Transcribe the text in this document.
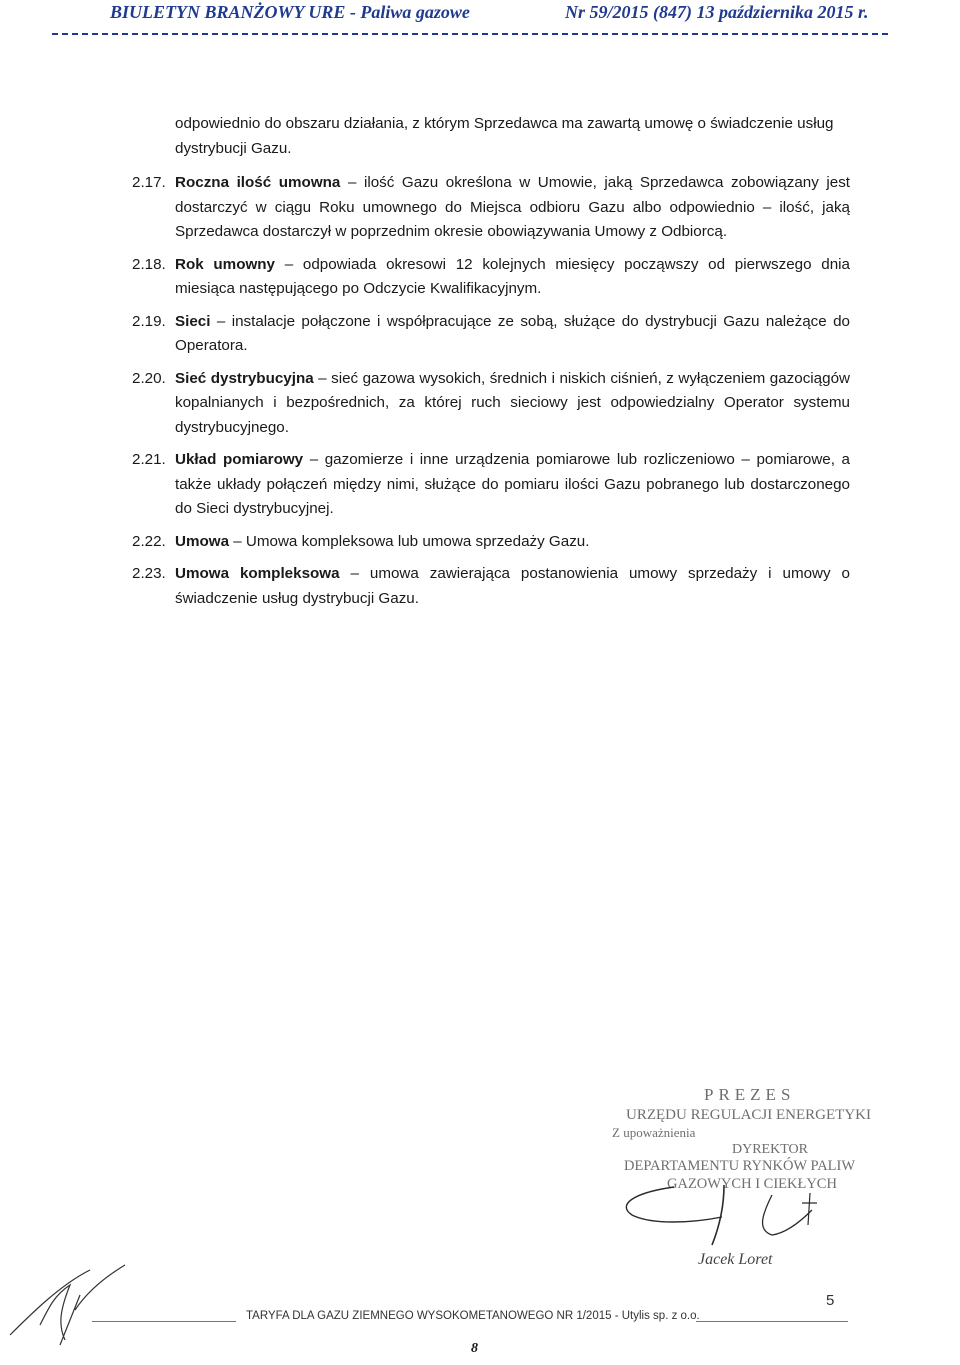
BIULETYN BRANŻOWY URE - Paliwa gazowe	Nr 59/2015 (847) 13 października 2015 r.
odpowiednio do obszaru działania, z którym Sprzedawca ma zawartą umowę o świadczenie usług dystrybucji Gazu.
2.17. Roczna ilość umowna – ilość Gazu określona w Umowie, jaką Sprzedawca zobowiązany jest dostarczyć w ciągu Roku umownego do Miejsca odbioru Gazu albo odpowiednio – ilość, jaką Sprzedawca dostarczył w poprzednim okresie obowiązywania Umowy z Odbiorcą.
2.18. Rok umowny – odpowiada okresowi 12 kolejnych miesięcy począwszy od pierwszego dnia miesiąca następującego po Odczycie Kwalifikacyjnym.
2.19. Sieci – instalacje połączone i współpracujące ze sobą, służące do dystrybucji Gazu należące do Operatora.
2.20. Sieć dystrybucyjna – sieć gazowa wysokich, średnich i niskich ciśnień, z wyłączeniem gazociągów kopalnianych i bezpośrednich, za której ruch sieciowy jest odpowiedzialny Operator systemu dystrybucyjnego.
2.21. Układ pomiarowy – gazomierze i inne urządzenia pomiarowe lub rozliczeniowo – pomiarowe, a także układy połączeń między nimi, służące do pomiaru ilości Gazu pobranego lub dostarczonego do Sieci dystrybucyjnej.
2.22. Umowa – Umowa kompleksowa lub umowa sprzedaży Gazu.
2.23. Umowa kompleksowa – umowa zawierająca postanowienia umowy sprzedaży i umowy o świadczenie usług dystrybucji Gazu.
PREZES
URZĘDU REGULACJI ENERGETYKI
Z upoważnienia
DYREKTOR
DEPARTAMENTU RYNKÓW PALIW
GAZOWYCH I CIEKŁYCH
Jacek Loret
TARYFA DLA GAZU ZIEMNEGO WYSOKOMETANOWEGO NR 1/2015 - Utylis sp. z o.o.
5
8
